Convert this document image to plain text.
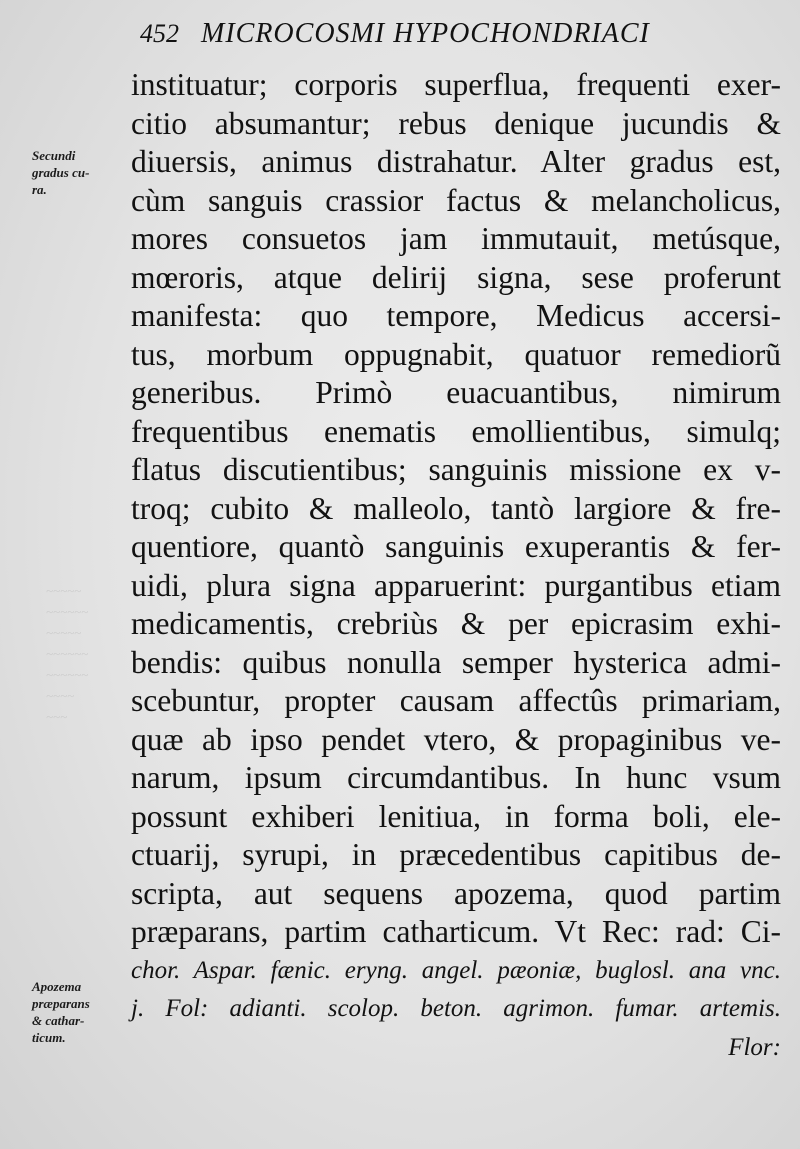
~~~~~
~~~~~~
~~~~~
~~~~~~
~~~~~~
~~~~
~~~
452 MICROCOSMI HYPOCHONDRIACI
Secundi
gradus cu-
ra.
Apozema
præparans
& cathar-
ticum.
instituatur; corporis superflua, frequenti exer-
citio absumantur; rebus denique jucundis &
diuersis, animus distrahatur. Alter gradus est,
cùm sanguis crassior factus & melancholicus,
mores consuetos jam immutauit, metúsque,
mœroris, atque delirij signa, sese proferunt
manifesta: quo tempore, Medicus accersi-
tus, morbum oppugnabit, quatuor remediorũ
generibus. Primò euacuantibus, nimirum
frequentibus enematis emollientibus, simulq;
flatus discutientibus; sanguinis missione ex v-
troq; cubito & malleolo, tantò largiore & fre-
quentiore, quantò sanguinis exuperantis & fer-
uidi, plura signa apparuerint: purgantibus etiam
medicamentis, crebriùs & per epicrasim exhi-
bendis: quibus nonulla semper hysterica admi-
scebuntur, propter causam affectûs primariam,
quæ ab ipso pendet vtero, & propaginibus ve-
narum, ipsum circumdantibus. In hunc vsum
possunt exhiberi lenitiua, in forma boli, ele-
ctuarij, syrupi, in præcedentibus capitibus de-
scripta, aut sequens apozema, quod partim
præparans, partim catharticum. Vt Rec: rad: Ci-
chor. Aspar. fænic. eryng. angel. pæoniæ, buglosl. ana vnc.
j. Fol: adianti. scolop. beton. agrimon. fumar. artemis.
Flor:
